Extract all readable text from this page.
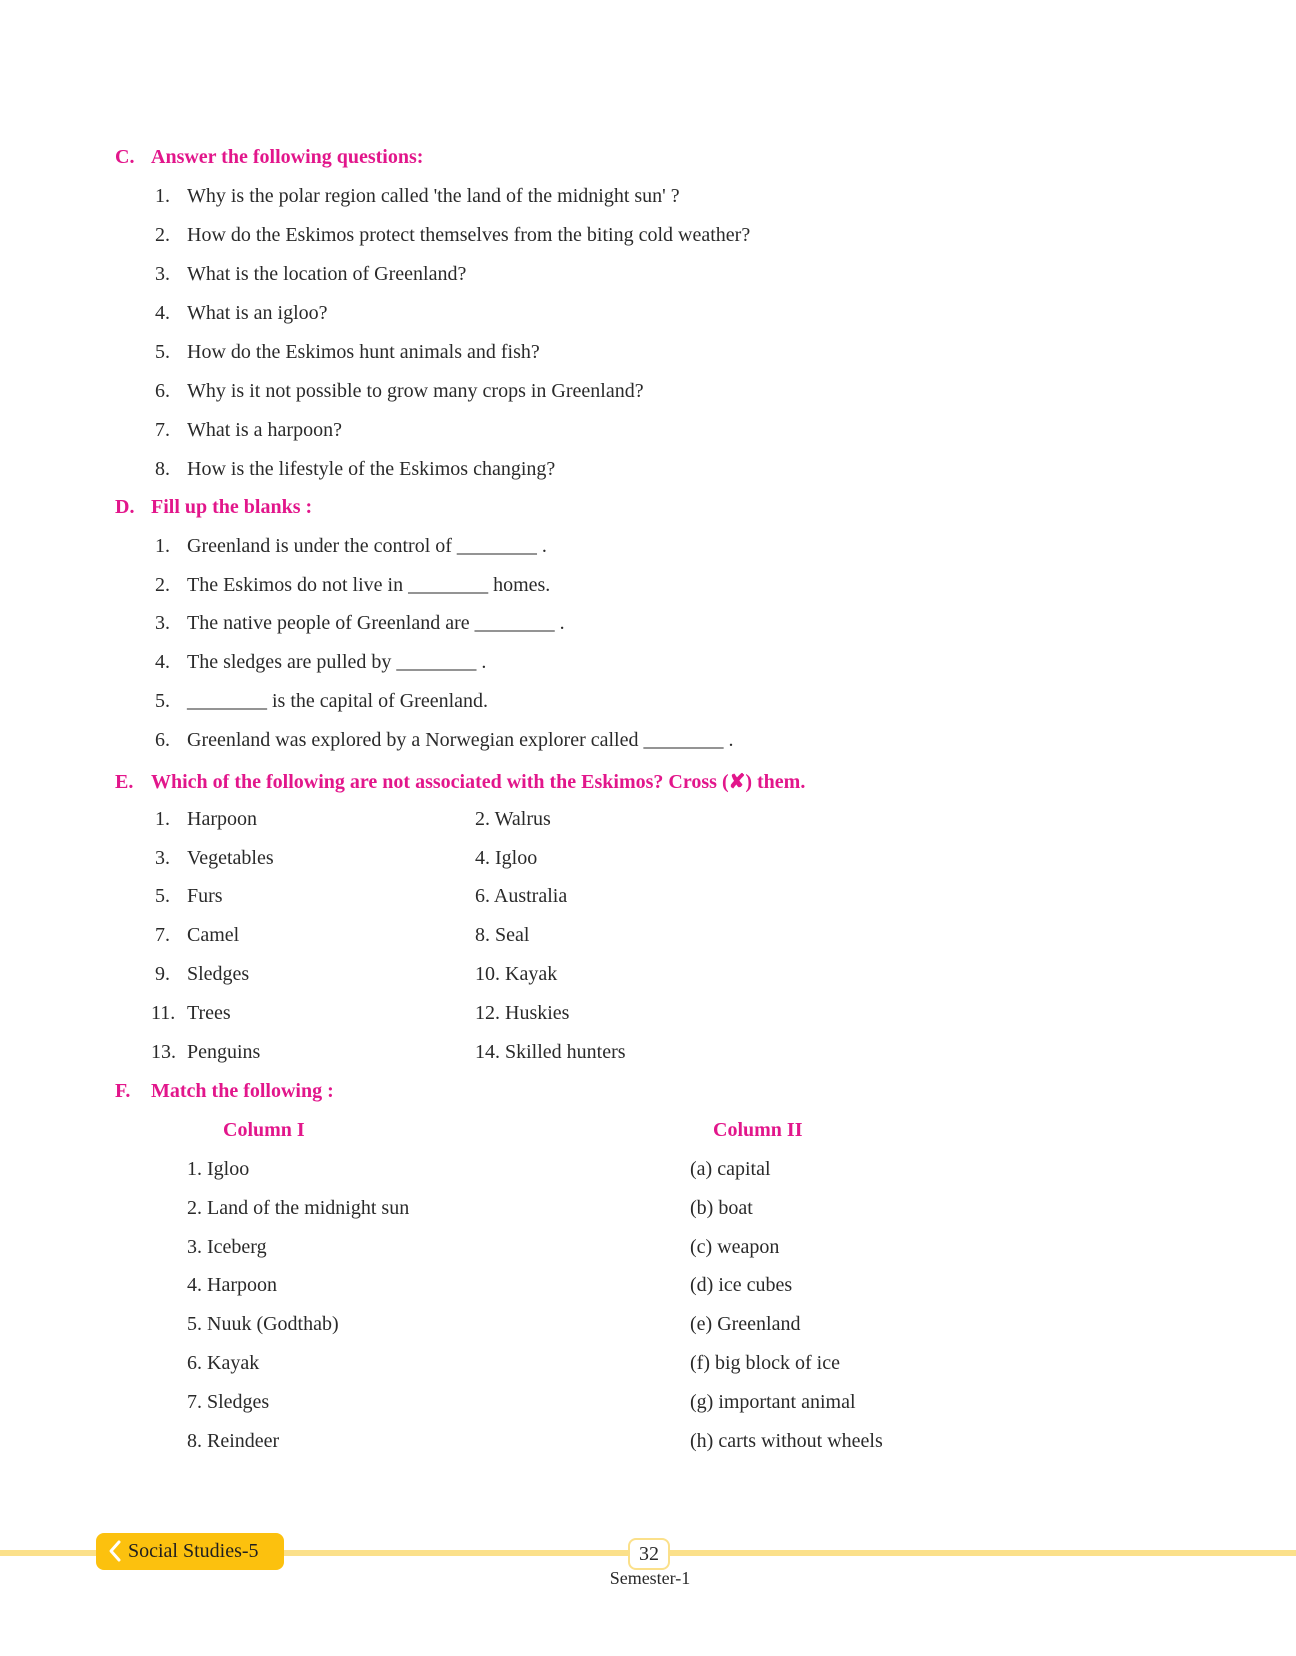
C. Answer the following questions:
1. Why is the polar region called 'the land of the midnight sun' ?
2. How do the Eskimos protect themselves from the biting cold weather?
3. What is the location of Greenland?
4. What is an igloo?
5. How do the Eskimos hunt animals and fish?
6. Why is it not possible to grow many crops in Greenland?
7. What is a harpoon?
8. How is the lifestyle of the Eskimos changing?
D. Fill up the blanks :
1. Greenland is under the control of ________ .
2. The Eskimos do not live in ________ homes.
3. The native people of Greenland are ________ .
4. The sledges are pulled by ________ .
5. ________ is the capital of Greenland.
6. Greenland was explored by a Norwegian explorer called ________ .
E. Which of the following are not associated with the Eskimos? Cross (✘) them.
1. Harpoon	2. Walrus
3. Vegetables	4. Igloo
5. Furs	6. Australia
7. Camel	8. Seal
9. Sledges	10. Kayak
11. Trees	12. Huskies
13. Penguins	14. Skilled hunters
F. Match the following :
Column I	Column II
1. Igloo	(a) capital
2. Land of the midnight sun	(b) boat
3. Iceberg	(c) weapon
4. Harpoon	(d) ice cubes
5. Nuuk (Godthab)	(e) Greenland
6. Kayak	(f) big block of ice
7. Sledges	(g) important animal
8. Reindeer	(h) carts without wheels
Social Studies-5	32
Semester-1
